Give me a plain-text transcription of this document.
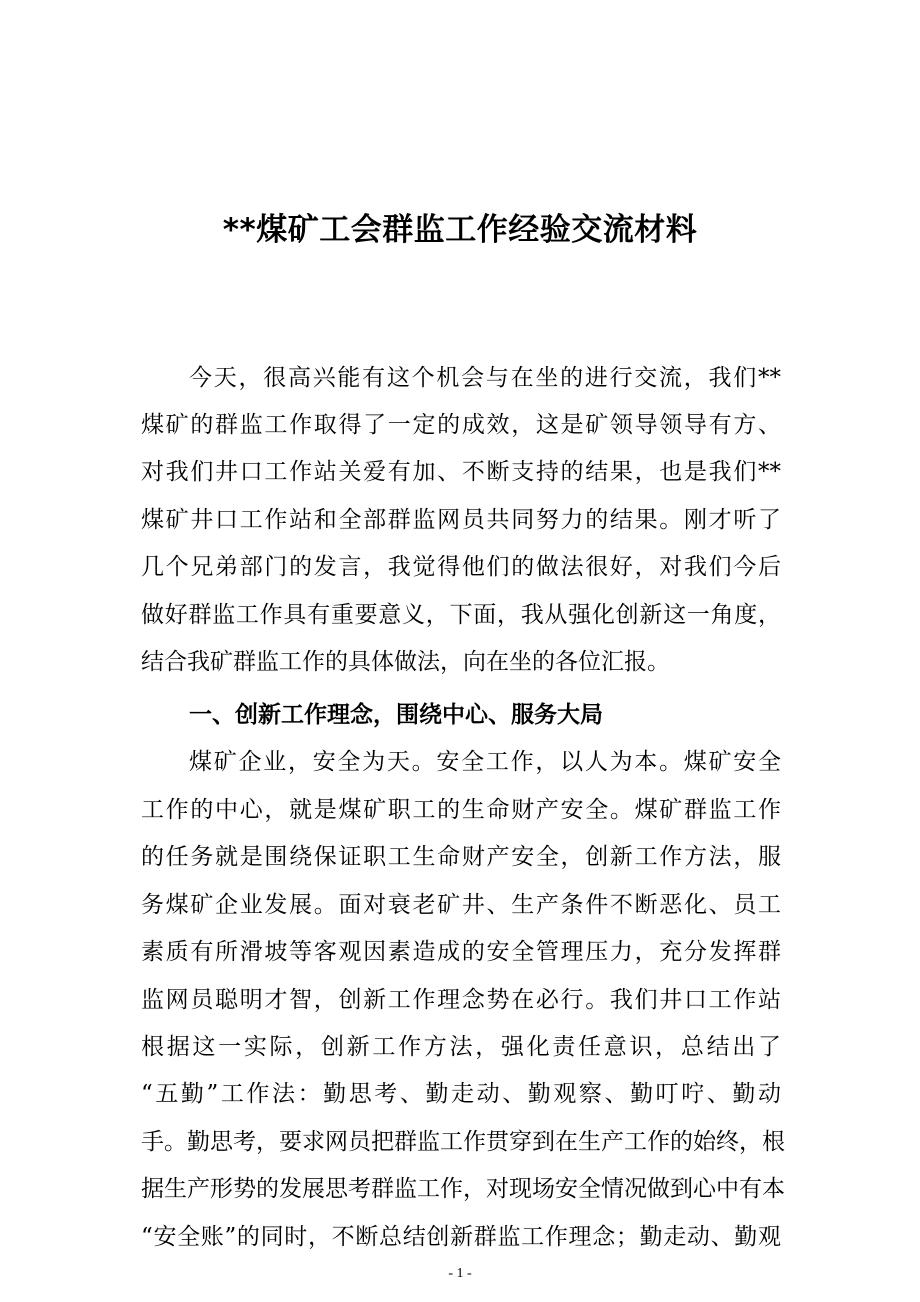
**煤矿工会群监工作经验交流材料
今天，很高兴能有这个机会与在坐的进行交流，我们**
煤矿的群监工作取得了一定的成效，这是矿领导领导有方、
对我们井口工作站关爱有加、不断支持的结果，也是我们**
煤矿井口工作站和全部群监网员共同努力的结果。刚才听了
几个兄弟部门的发言，我觉得他们的做法很好，对我们今后
做好群监工作具有重要意义，下面，我从强化创新这一角度，
结合我矿群监工作的具体做法，向在坐的各位汇报。
一、创新工作理念，围绕中心、服务大局
煤矿企业，安全为天。安全工作，以人为本。煤矿安全
工作的中心，就是煤矿职工的生命财产安全。煤矿群监工作
的任务就是围绕保证职工生命财产安全，创新工作方法，服
务煤矿企业发展。面对衰老矿井、生产条件不断恶化、员工
素质有所滑坡等客观因素造成的安全管理压力，充分发挥群
监网员聪明才智，创新工作理念势在必行。我们井口工作站
根据这一实际，创新工作方法，强化责任意识，总结出了
“五勤”工作法：勤思考、勤走动、勤观察、勤叮咛、勤动
手。勤思考，要求网员把群监工作贯穿到在生产工作的始终，根
据生产形势的发展思考群监工作，对现场安全情况做到心中有本
“安全账”的同时，不断总结创新群监工作理念；勤走动、勤观
- 1 -
